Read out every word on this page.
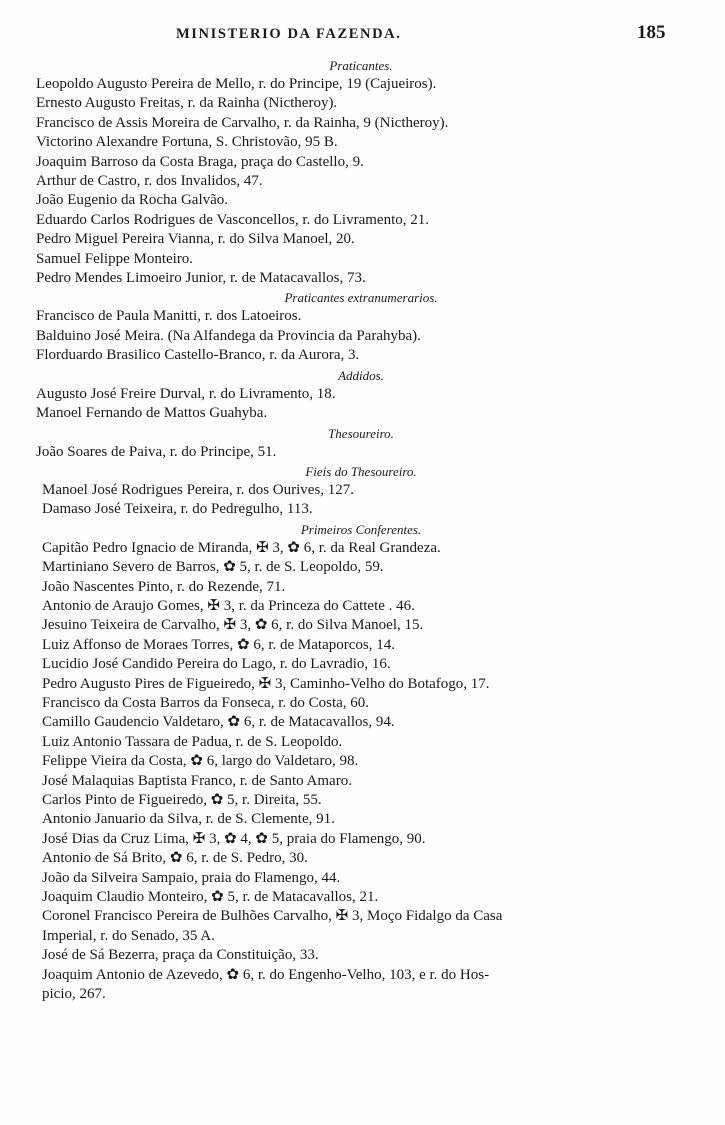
MINISTERIO DA FAZENDA.	185
Praticantes.
Leopoldo Augusto Pereira de Mello, r. do Principe, 19 (Cajueiros).
Ernesto Augusto Freitas, r. da Rainha (Nictheroy).
Francisco de Assis Moreira de Carvalho, r. da Rainha, 9 (Nictheroy).
Victorino Alexandre Fortuna, S. Christovão, 95 B.
Joaquim Barroso da Costa Braga, praça do Castello, 9.
Arthur de Castro, r. dos Invalidos, 47.
João Eugenio da Rocha Galvão.
Eduardo Carlos Rodrigues de Vasconcellos, r. do Livramento, 21.
Pedro Miguel Pereira Vianna, r. do Silva Manoel, 20.
Samuel Felippe Monteiro.
Pedro Mendes Limoeiro Junior, r. de Matacavallos, 73.
Praticantes extranumerarios.
Francisco de Paula Manitti, r. dos Latoeiros.
Balduino José Meira. (Na Alfandega da Provincia da Parahyba).
Florduardo Brasilico Castello-Branco, r. da Aurora, 3.
Addidos.
Augusto José Freire Durval, r. do Livramento, 18.
Manoel Fernando de Mattos Guahyba.
Thesoureiro.
João Soares de Paiva, r. do Principe, 51.
Fieis do Thesoureiro.
Manoel José Rodrigues Pereira, r. dos Ourives, 127.
Damaso José Teixeira, r. do Pedregulho, 113.
Primeiros Conferentes.
Capitão Pedro Ignacio de Miranda, ✠ 3, ✿ 6, r. da Real Grandeza.
Martiniano Severo de Barros, ✿ 5, r. de S. Leopoldo, 59.
João Nascentes Pinto, r. do Rezende, 71.
Antonio de Araujo Gomes, ✠ 3, r. da Princeza do Cattete . 46.
Jesuino Teixeira de Carvalho, ✠ 3, ✿ 6, r. do Silva Manoel, 15.
Luiz Affonso de Moraes Torres, ✿ 6, r. de Mataporcos, 14.
Lucidio José Candido Pereira do Lago, r. do Lavradio, 16.
Pedro Augusto Pires de Figueiredo, ✠ 3, Caminho-Velho do Botafogo, 17.
Francisco da Costa Barros da Fonseca, r. do Costa, 60.
Camillo Gaudencio Valdetaro, ✿ 6, r. de Matacavallos, 94.
Luiz Antonio Tassara de Padua, r. de S. Leopoldo.
Felippe Vieira da Costa, ✿ 6, largo do Valdetaro, 98.
José Malaquias Baptista Franco, r. de Santo Amaro.
Carlos Pinto de Figueiredo, ✿ 5, r. Direita, 55.
Antonio Januario da Silva, r. de S. Clemente, 91.
José Dias da Cruz Lima, ✠ 3, ✿ 4, ✿ 5, praia do Flamengo, 90.
Antonio de Sá Brito, ✿ 6, r. de S. Pedro, 30.
João da Silveira Sampaio, praia do Flamengo, 44.
Joaquim Claudio Monteiro, ✿ 5, r. de Matacavallos, 21.
Coronel Francisco Pereira de Bulhões Carvalho, ✠ 3, Moço Fidalgo da Casa
Imperial, r. do Senado, 35 A.
José de Sá Bezerra, praça da Constituição, 33.
Joaquim Antonio de Azevedo, ✿ 6, r. do Engenho-Velho, 103, e r. do Hos-
picio, 267.
